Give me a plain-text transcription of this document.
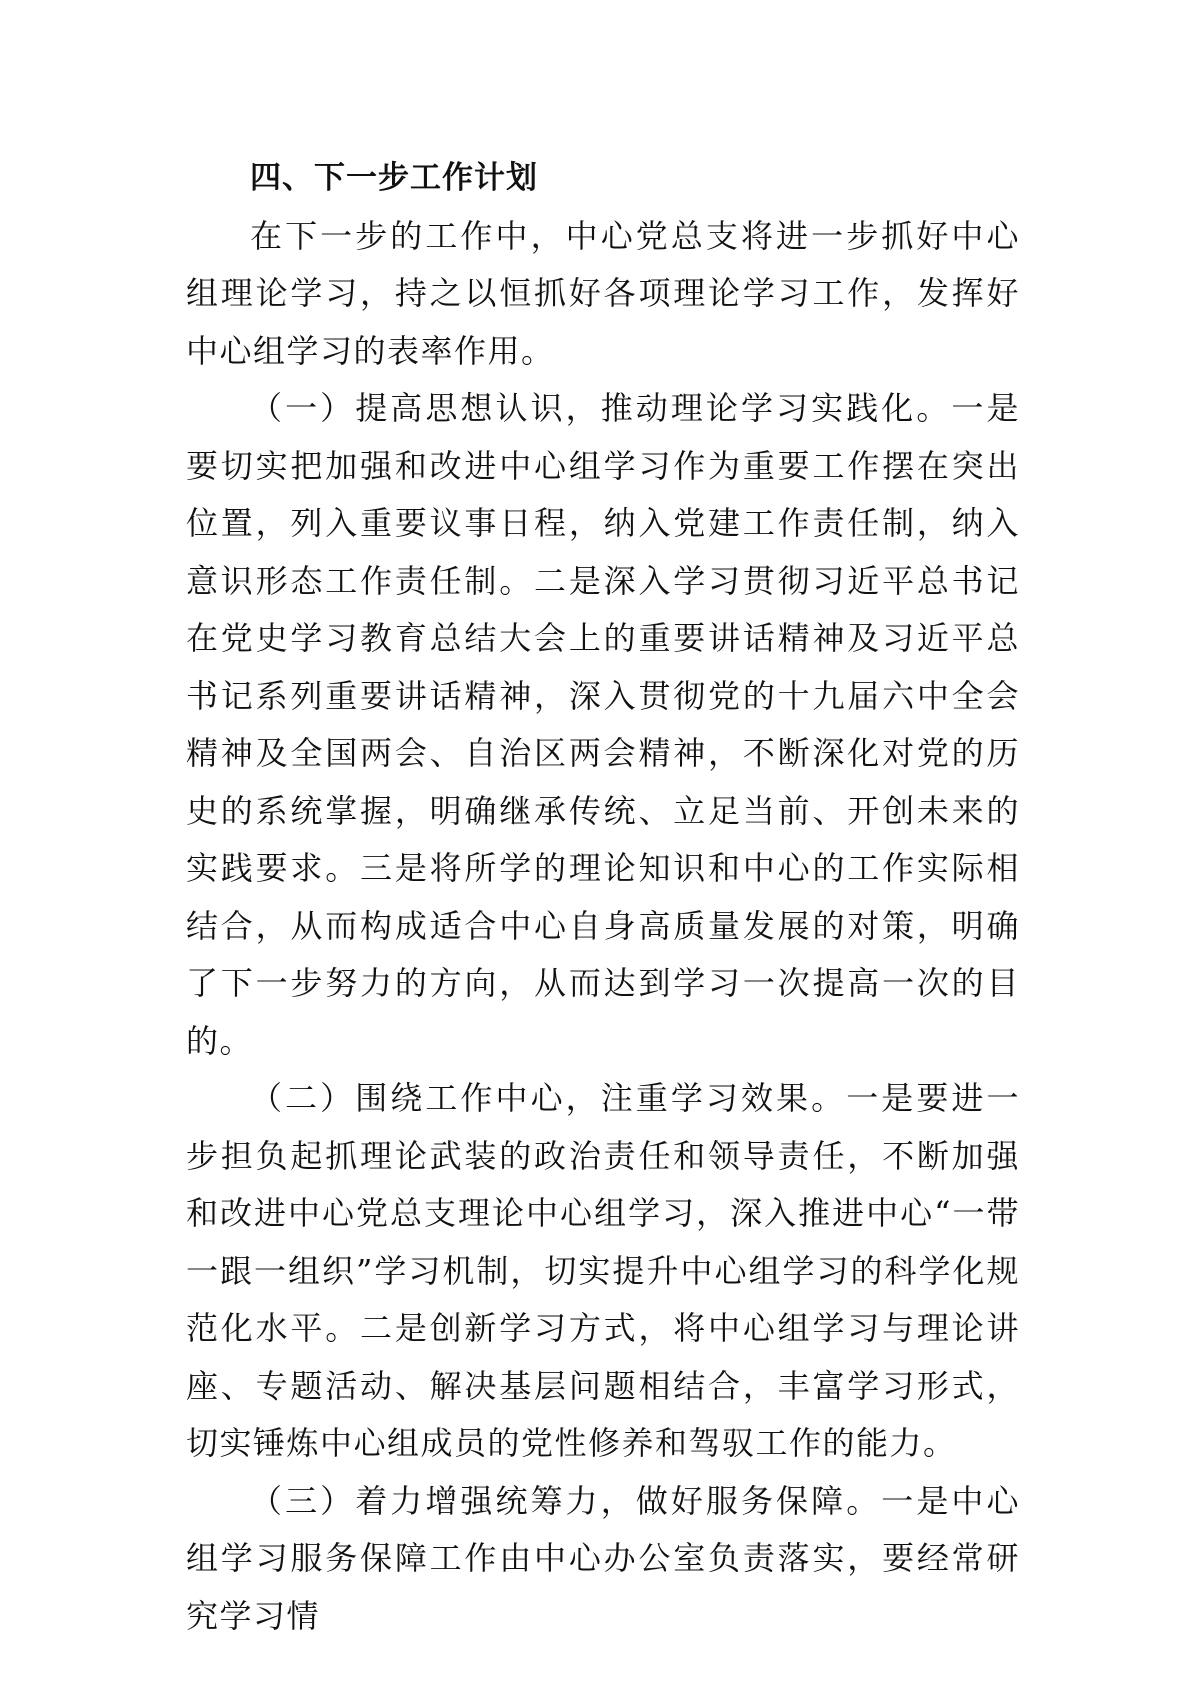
四、下一步工作计划

在下一步的工作中，中心党总支将进一步抓好中心组理论学习，持之以恒抓好各项理论学习工作，发挥好中心组学习的表率作用。

（一）提高思想认识，推动理论学习实践化。一是要切实把加强和改进中心组学习作为重要工作摆在突出位置，列入重要议事日程，纳入党建工作责任制，纳入意识形态工作责任制。二是深入学习贯彻习近平总书记在党史学习教育总结大会上的重要讲话精神及习近平总书记系列重要讲话精神，深入贯彻党的十九届六中全会精神及全国两会、自治区两会精神，不断深化对党的历史的系统掌握，明确继承传统、立足当前、开创未来的实践要求。三是将所学的理论知识和中心的工作实际相结合，从而构成适合中心自身高质量发展的对策，明确了下一步努力的方向，从而达到学习一次提高一次的目的。

（二）围绕工作中心，注重学习效果。一是要进一步担负起抓理论武装的政治责任和领导责任，不断加强和改进中心党总支理论中心组学习，深入推进中心“一带一跟一组织”学习机制，切实提升中心组学习的科学化规范化水平。二是创新学习方式，将中心组学习与理论讲座、专题活动、解决基层问题相结合，丰富学习形式，切实锤炼中心组成员的党性修养和驾驭工作的能力。

（三）着力增强统筹力，做好服务保障。一是中心组学习服务保障工作由中心办公室负责落实，要经常研究学习情
